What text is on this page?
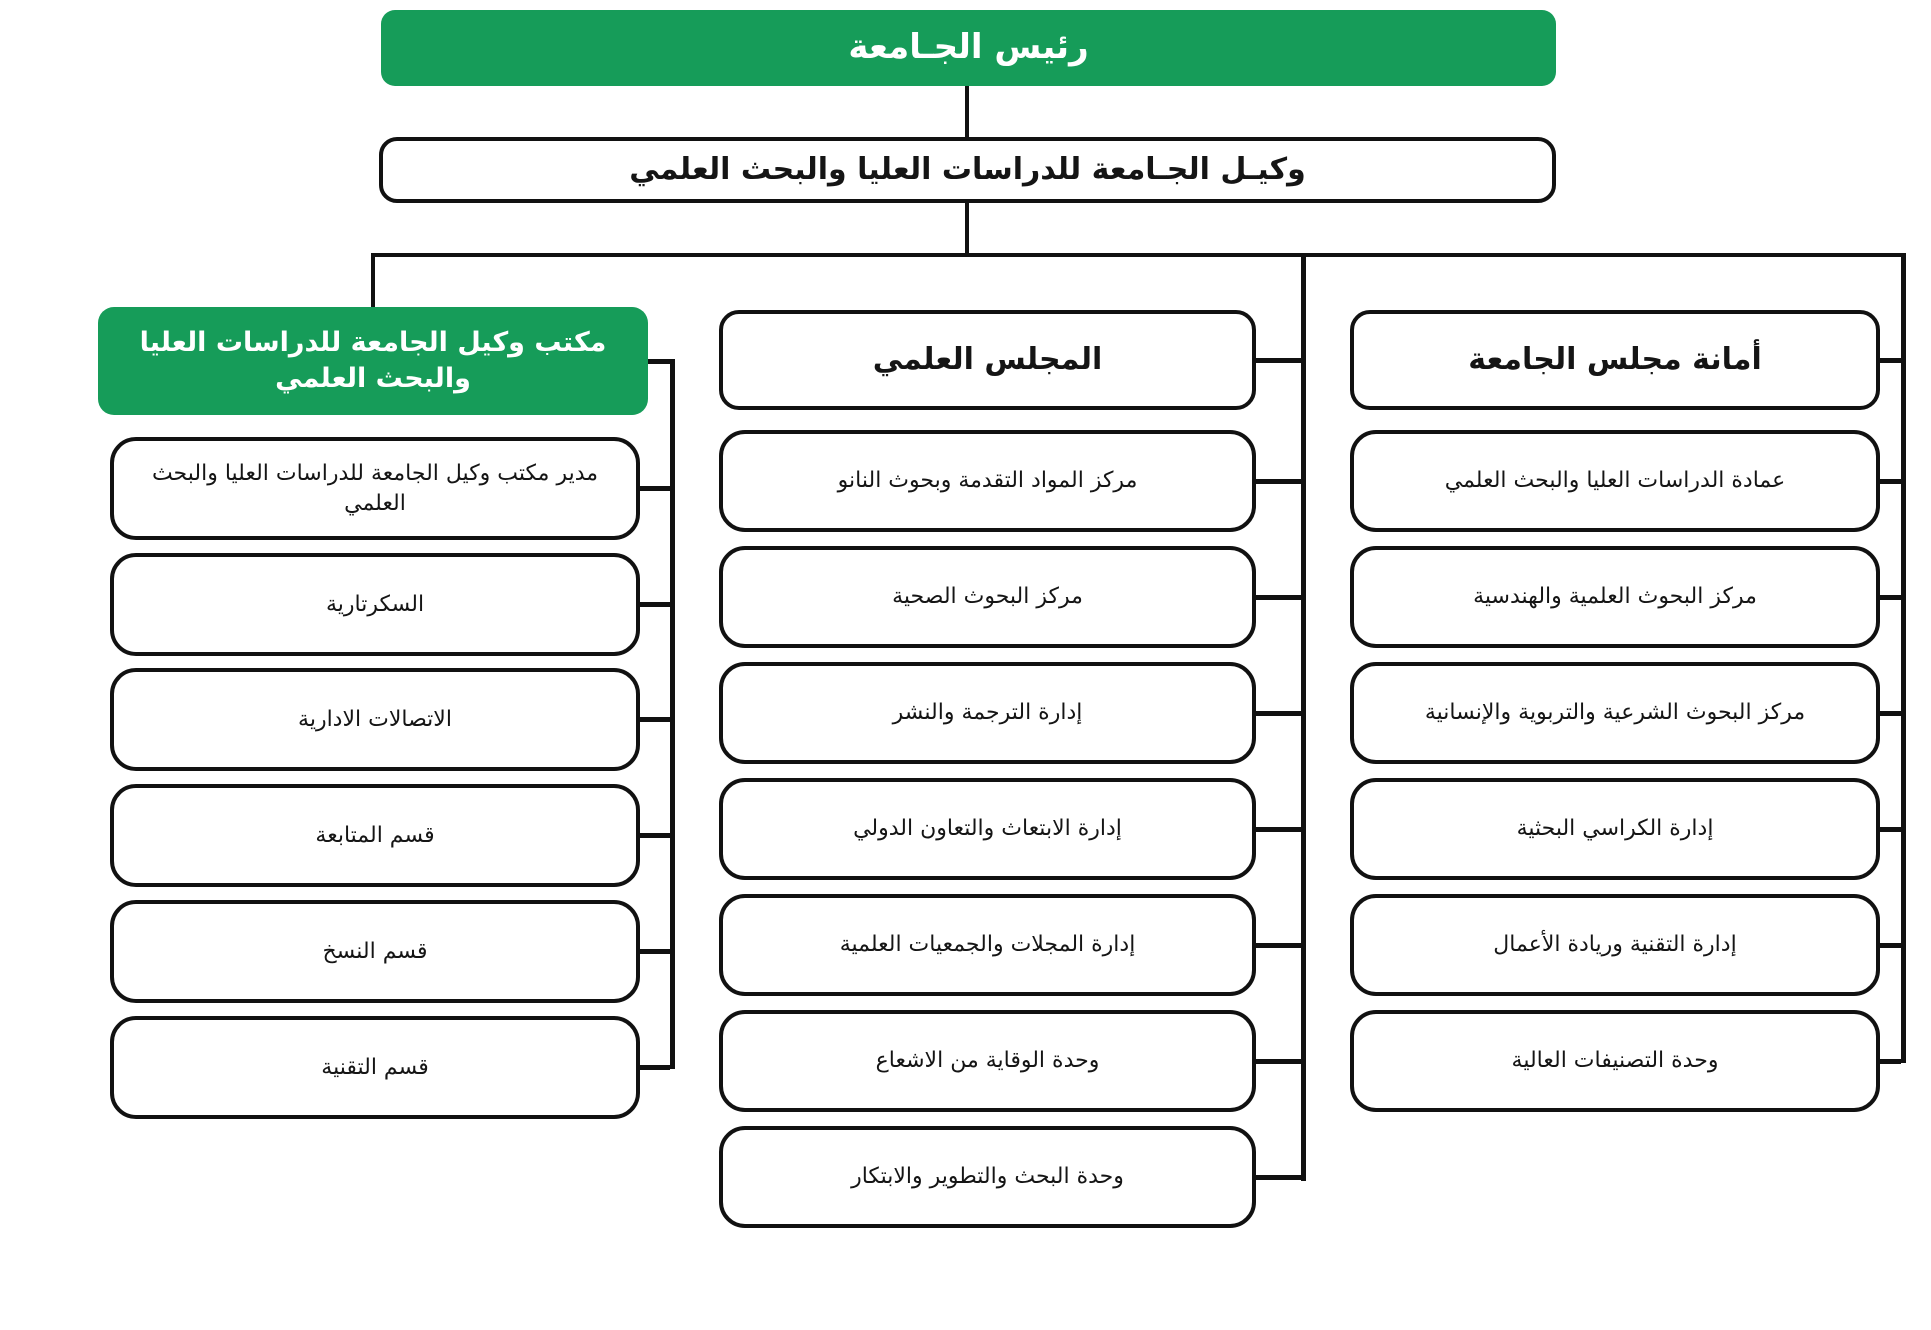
رئيس الجـامعة
وكيـل الجـامعة للدراسات العليا والبحث العلمي
مكتب وكيل الجامعة للدراسات العليا والبحث العلمي
مدير مكتب وكيل الجامعة للدراسات العليا والبحث العلمي
السكرتارية
الاتصالات الادارية
قسم المتابعة
قسم النسخ
قسم التقنية
المجلس العلمي
مركز المواد التقدمة وبحوث النانو
مركز البحوث الصحية
إدارة الترجمة والنشر
إدارة الابتعاث والتعاون الدولي
إدارة المجلات والجمعيات العلمية
وحدة الوقاية من الاشعاع
وحدة البحث والتطوير والابتكار
أمانة مجلس الجامعة
عمادة الدراسات العليا والبحث العلمي
مركز البحوث العلمية والهندسية
مركز البحوث الشرعية والتربوية والإنسانية
إدارة الكراسي البحثية
إدارة التقنية وريادة الأعمال
وحدة التصنيفات العالية
